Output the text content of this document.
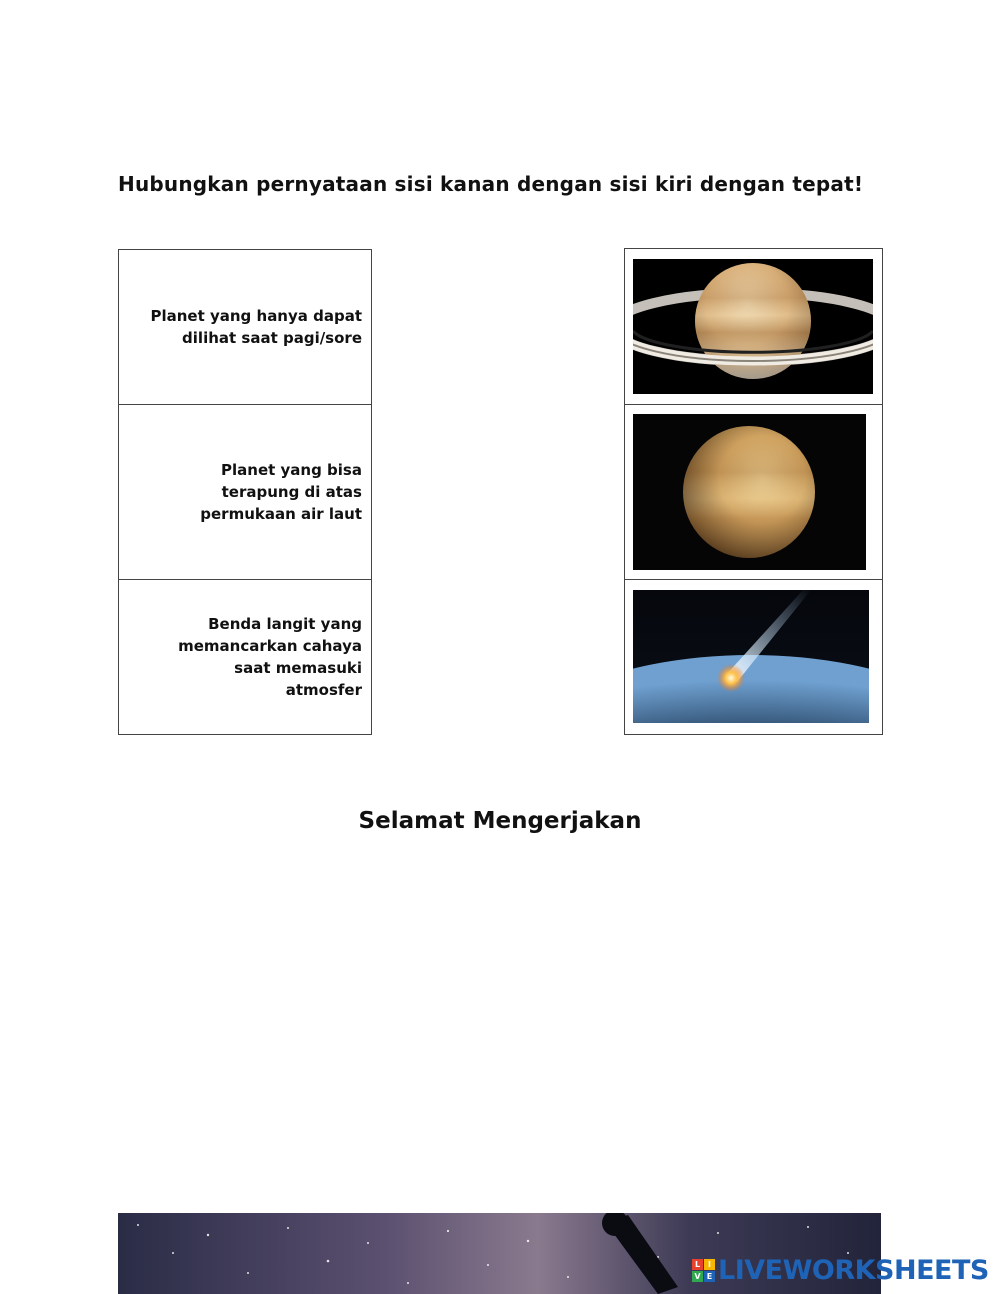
Hubungkan pernyataan sisi kanan dengan sisi kiri dengan tepat!
Planet yang hanya dapat dilihat saat pagi/sore
Planet yang bisa terapung di atas permukaan air laut
Benda langit yang memancarkan cahaya saat memasuki atmosfer
Selamat Mengerjakan
L I
V E LIVEWORKSHEETS
